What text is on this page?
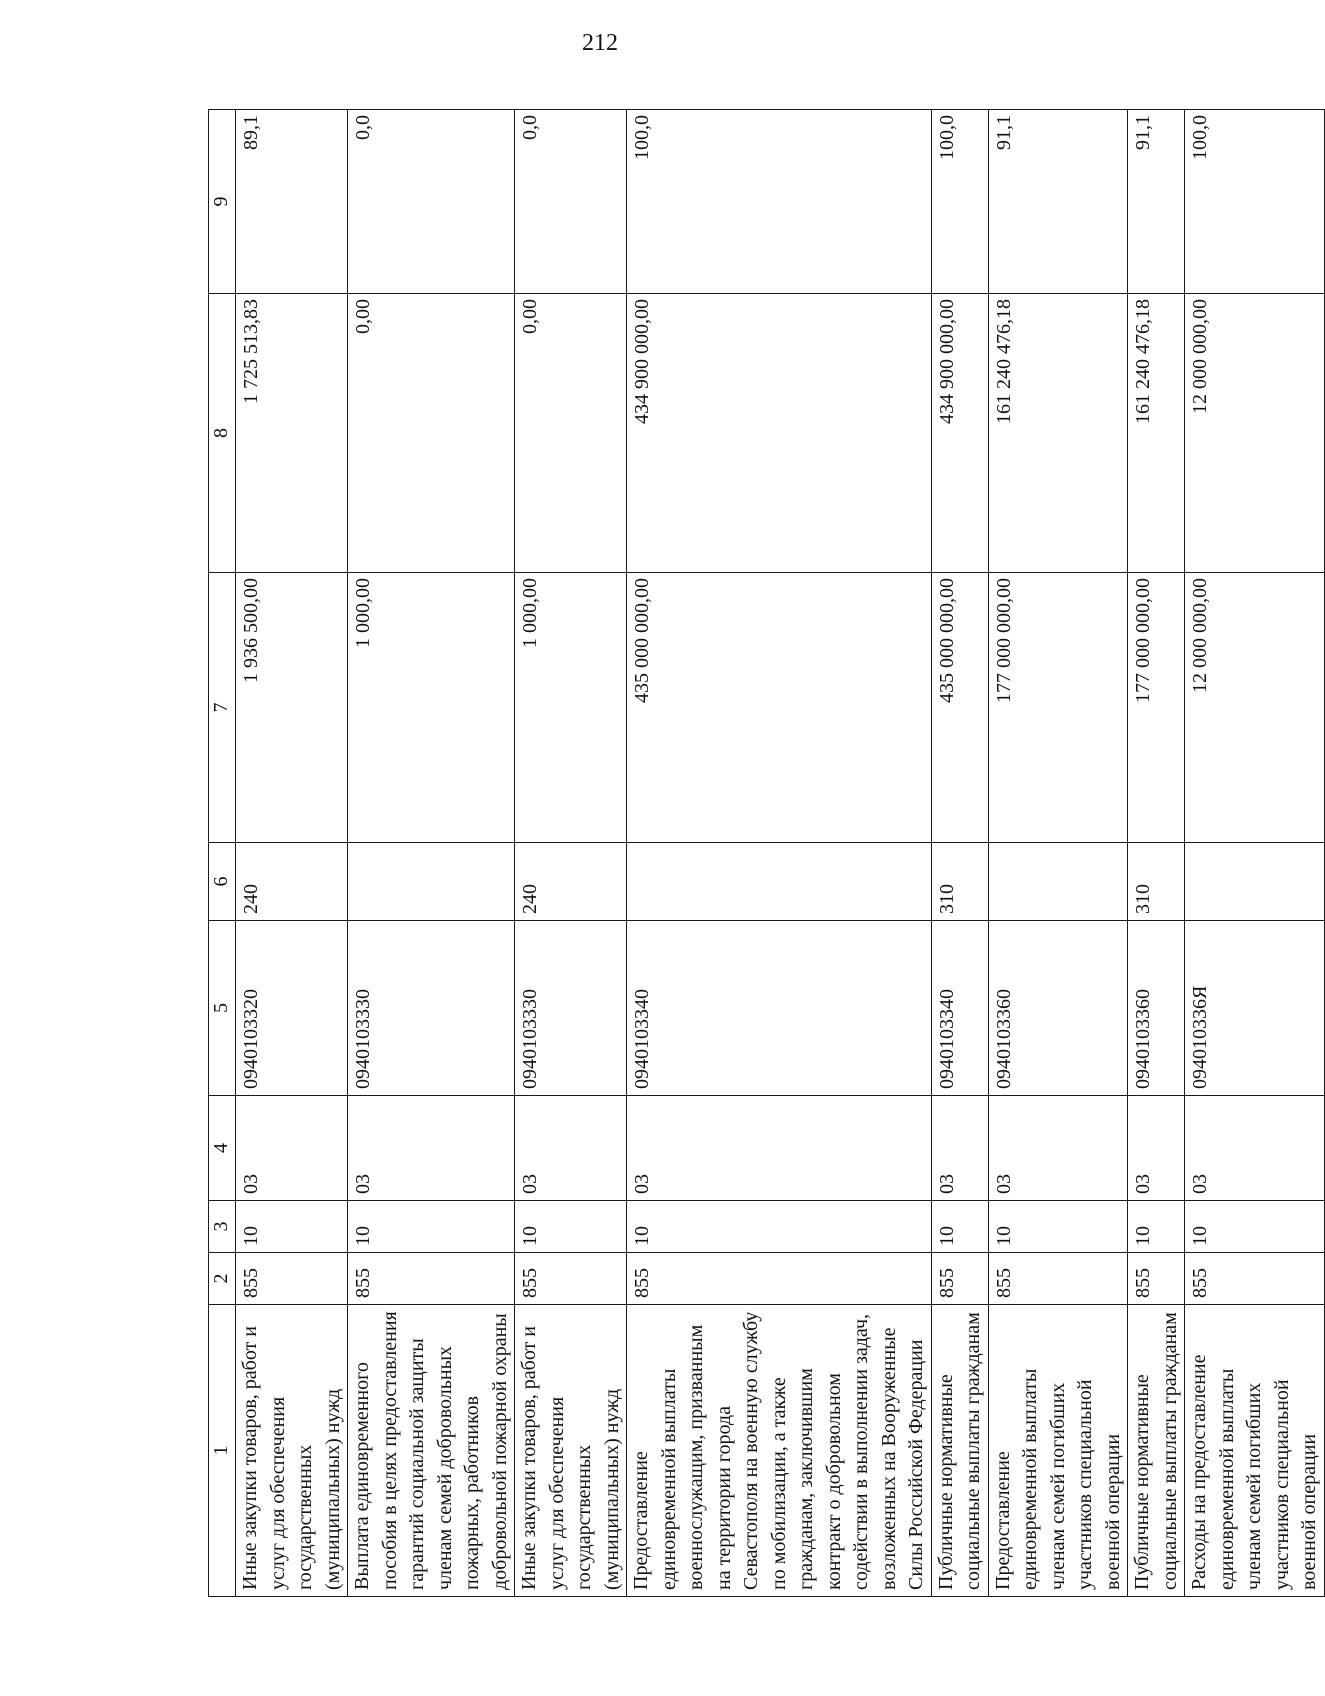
212
1	2	3	4	5	6	7	8	9
Иные закупки товаров, работ и услуг для обеспечения государственных (муниципальных) нужд	855	10	03	0940103320	240	1 936 500,00	1 725 513,83	89,1
Выплата единовременного пособия в целях предоставления гарантий социальной защиты членам семей добровольных пожарных, работников добровольной пожарной охраны	855	10	03	0940103330		1 000,00	0,00	0,0
Иные закупки товаров, работ и услуг для обеспечения государственных (муниципальных) нужд	855	10	03	0940103330	240	1 000,00	0,00	0,0
Предоставление единовременной выплаты военнослужащим, призванным на территории города Севастополя на военную службу по мобилизации, а также гражданам, заключившим контракт о добровольном содействии в выполнении задач, возложенных на Вооруженные Силы Российской Федерации	855	10	03	0940103340		435 000 000,00	434 900 000,00	100,0
Публичные нормативные социальные выплаты гражданам	855	10	03	0940103340	310	435 000 000,00	434 900 000,00	100,0
Предоставление единовременной выплаты членам семей погибших участников специальной военной операции	855	10	03	0940103360		177 000 000,00	161 240 476,18	91,1
Публичные нормативные социальные выплаты гражданам	855	10	03	0940103360	310	177 000 000,00	161 240 476,18	91,1
Расходы на предоставление единовременной выплаты членам семей погибших участников специальной военной операции	855	10	03	094010336Я		12 000 000,00	12 000 000,00	100,0
